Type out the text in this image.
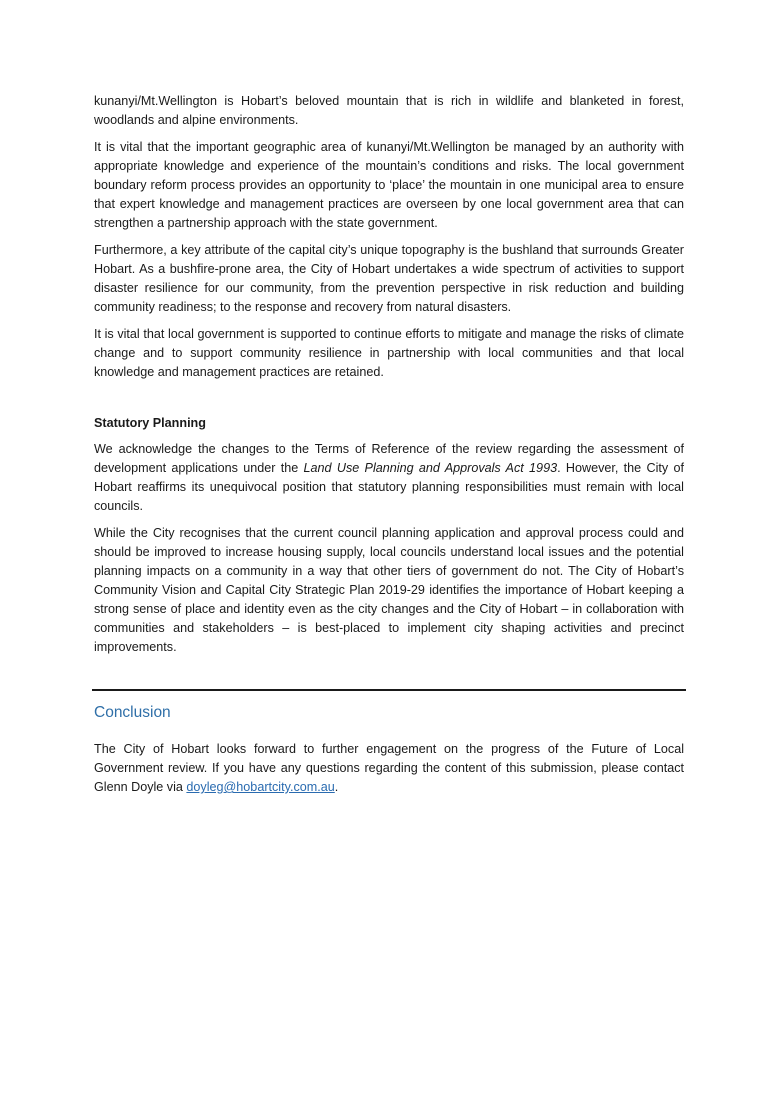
kunanyi/Mt.Wellington is Hobart’s beloved mountain that is rich in wildlife and blanketed in forest, woodlands and alpine environments.

It is vital that the important geographic area of kunanyi/Mt.Wellington be managed by an authority with appropriate knowledge and experience of the mountain’s conditions and risks. The local government boundary reform process provides an opportunity to ‘place’ the mountain in one municipal area to ensure that expert knowledge and management practices are overseen by one local government area that can strengthen a partnership approach with the state government.

Furthermore, a key attribute of the capital city’s unique topography is the bushland that surrounds Greater Hobart. As a bushfire-prone area, the City of Hobart undertakes a wide spectrum of activities to support disaster resilience for our community, from the prevention perspective in risk reduction and building community readiness; to the response and recovery from natural disasters.

It is vital that local government is supported to continue efforts to mitigate and manage the risks of climate change and to support community resilience in partnership with local communities and that local knowledge and management practices are retained.

Statutory Planning

We acknowledge the changes to the Terms of Reference of the review regarding the assessment of development applications under the Land Use Planning and Approvals Act 1993. However, the City of Hobart reaffirms its unequivocal position that statutory planning responsibilities must remain with local councils.

While the City recognises that the current council planning application and approval process could and should be improved to increase housing supply, local councils understand local issues and the potential planning impacts on a community in a way that other tiers of government do not. The City of Hobart’s Community Vision and Capital City Strategic Plan 2019-29 identifies the importance of Hobart keeping a strong sense of place and identity even as the city changes and the City of Hobart – in collaboration with communities and stakeholders – is best-placed to implement city shaping activities and precinct improvements.

Conclusion

The City of Hobart looks forward to further engagement on the progress of the Future of Local Government review. If you have any questions regarding the content of this submission, please contact Glenn Doyle via doyleg@hobartcity.com.au.
